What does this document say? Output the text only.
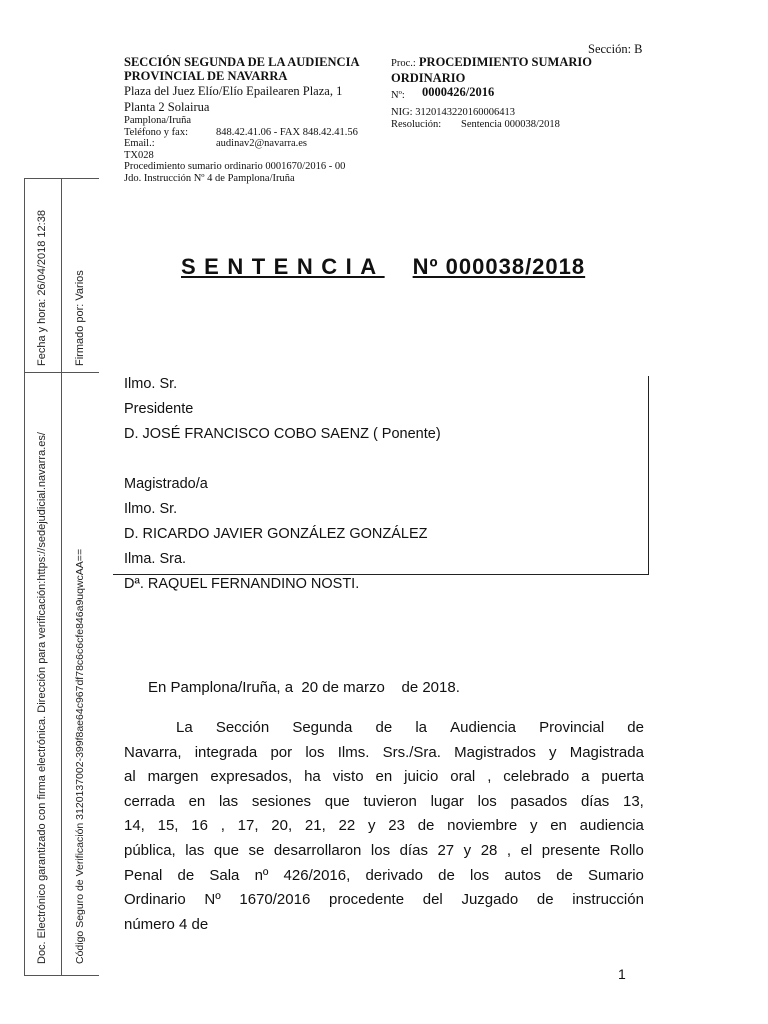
Fecha y hora: 26/04/2018 12:38 Firmado por: Varios
Doc. Electrónico garantizado con firma electrónica. Dirección para verificación:https://sedejudicial.navarra.es/ Código Seguro de Verificación 3120137002-399f8ae64c967df78c6c6cfe846a9uqwcAA==
Sección: B
SECCIÓN SEGUNDA DE LA AUDIENCIA
PROVINCIAL DE NAVARRA
Plaza del Juez Elío/Elío Epailearen Plaza, 1
Planta 2 Solairua
Pamplona/Iruña
Teléfono y fax:	848.42.41.06 - FAX 848.42.41.56
Email.:	audinav2@navarra.es
TX028
Procedimiento sumario ordinario 0001670/2016 - 00
Jdo. Instrucción Nº 4 de Pamplona/Iruña
Proc.: PROCEDIMIENTO SUMARIO
ORDINARIO
Nº: 0000426/2016
NIG: 3120143220160006413
Resolución: Sentencia 000038/2018
SENTENCIA Nº 000038/2018
Ilmo. Sr.
Presidente
D. JOSÉ FRANCISCO COBO SAENZ ( Ponente)
Magistrado/a
Ilmo. Sr.
D. RICARDO JAVIER GONZÁLEZ GONZÁLEZ
Ilma. Sra.
Dª. RAQUEL FERNANDINO NOSTI.
En Pamplona/Iruña, a  20 de marzo    de 2018.
La Sección Segunda de la Audiencia Provincial de
Navarra, integrada por los Ilms. Srs./Sra. Magistrados y Magistrada
al margen expresados, ha visto en juicio oral , celebrado a puerta
cerrada en las sesiones que tuvieron lugar los pasados días 13,
14, 15, 16 , 17, 20, 21, 22 y 23 de noviembre y en audiencia
pública, las que se desarrollaron los días 27 y 28 , el presente Rollo
Penal de Sala nº 426/2016, derivado de los autos de Sumario
Ordinario Nº 1670/2016 procedente del Juzgado de instrucción
número 4 de
1
